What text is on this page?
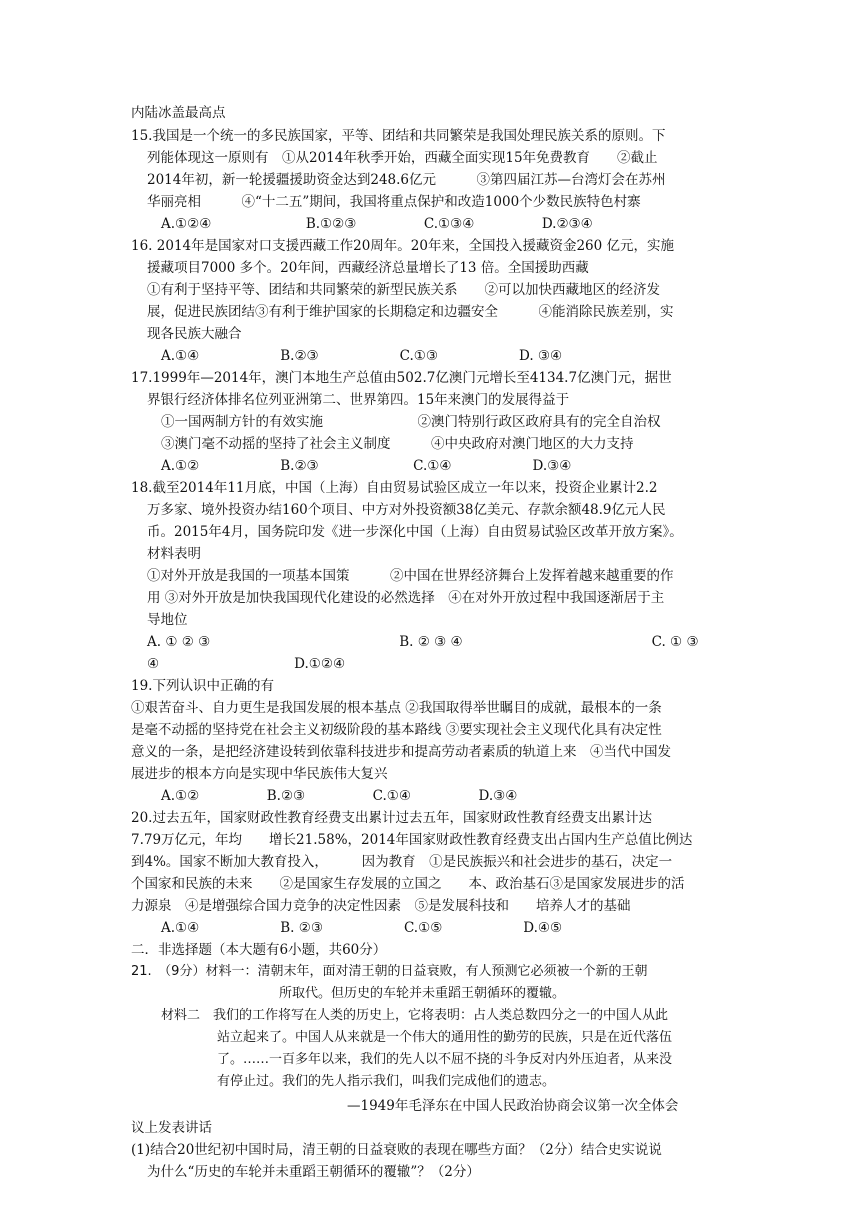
内陆冰盖最高点
15.我国是一个统一的多民族国家，平等、团结和共同繁荣是我国处理民族关系的原则。下
列能体现这一原则有　①从2014年秋季开始，西藏全面实现15年免费教育　　②截止
2014年初，新一轮援疆援助资金达到248.6亿元　　　③第四届江苏—台湾灯会在苏州
华丽亮相　　　④“十二五”期间，我国将重点保护和改造1000个少数民族特色村寨
A.①②④　　　　　　　B.①②③　　　　　C.①③④　　　　　D.②③④
16. 2014年是国家对口支援西藏工作20周年。20年来，全国投入援藏资金260 亿元，实施
援藏项目7000 多个。20年间，西藏经济总量增长了13 倍。全国援助西藏
①有利于坚持平等、团结和共同繁荣的新型民族关系　　②可以加快西藏地区的经济发
展，促进民族团结③有利于维护国家的长期稳定和边疆安全　　　④能消除民族差别，实
现各民族大融合
A.①④　　　　　　B.②③　　　　　　C.①③　　　　　　D. ③④
17.1999年—2014年，澳门本地生产总值由502.7亿澳门元增长至4134.7亿澳门元，据世
界银行经济体排名位列亚洲第二、世界第四。15年来澳门的发展得益于
①一国两制方针的有效实施　　　　　　　②澳门特别行政区政府具有的完全自治权
③澳门毫不动摇的坚持了社会主义制度　　　④中央政府对澳门地区的大力支持
A.①②　　　　　　B.②③　　　　　　　C.①④　　　　　　D.③④
18.截至2014年11月底，中国（上海）自由贸易试验区成立一年以来，投资企业累计2.2
万多家、境外投资办结160个项目、中方对外投资额38亿美元、存款余额48.9亿元人民
币。2015年4月，国务院印发《进一步深化中国（上海）自由贸易试验区改革开放方案》。
材料表明
①对外开放是我国的一项基本国策　　　②中国在世界经济舞台上发挥着越来越重要的作
用 ③对外开放是加快我国现代化建设的必然选择　④在对外开放过程中我国逐渐居于主
导地位
A. ① ② ③　　　　　　　　　　　　　　B. ② ③ ④　　　　　　　　　　　　　　C. ① ③
④　　　　　　　　　　D.①②④
19.下列认识中正确的有
①艰苦奋斗、自力更生是我国发展的根本基点 ②我国取得举世瞩目的成就，最根本的一条
是毫不动摇的坚持党在社会主义初级阶段的基本路线 ③要实现社会主义现代化具有决定性
意义的一条，是把经济建设转到依靠科技进步和提高劳动者素质的轨道上来　④当代中国发
展进步的根本方向是实现中华民族伟大复兴
A.①②　　　　　B.②③　　　　　C.①④　　　　　D.③④
20.过去五年，国家财政性教育经费支出累计过去五年，国家财政性教育经费支出累计达
7.79万亿元，年均　　增长21.58%，2014年国家财政性教育经费支出占国内生产总值比例达
到4%。国家不断加大教育投入，　　　因为教育　①是民族振兴和社会进步的基石，决定一
个国家和民族的未来　　②是国家生存发展的立国之　　本、政治基石③是国家发展进步的活
力源泉　④是增强综合国力竞争的决定性因素　⑤是发展科技和　　培养人才的基础
A.①④　　　　　　B. ②③　　　　　　C.①⑤　　　　　　D.④⑤
二．非选择题（本大题有6小题，共60分）
21.　（9分）材料一：清朝末年，面对清王朝的日益衰败，有人预测它必须被一个新的王朝
所取代。但历史的车轮并未重蹈王朝循环的覆辙。
材料二　我们的工作将写在人类的历史上，它将表明：占人类总数四分之一的中国人从此
站立起来了。中国人从来就是一个伟大的通用性的勤劳的民族，只是在近代落伍
了。……一百多年以来，我们的先人以不屈不挠的斗争反对内外压迫者，从来没
有停止过。我们的先人指示我们，叫我们完成他们的遗志。
—1949年毛泽东在中国人民政治协商会议第一次全体会
议上发表讲话
(1)结合20世纪初中国时局，清王朝的日益衰败的表现在哪些方面？（2分）结合史实说说
为什么“历史的车轮并未重蹈王朝循环的覆辙”？（2分）
